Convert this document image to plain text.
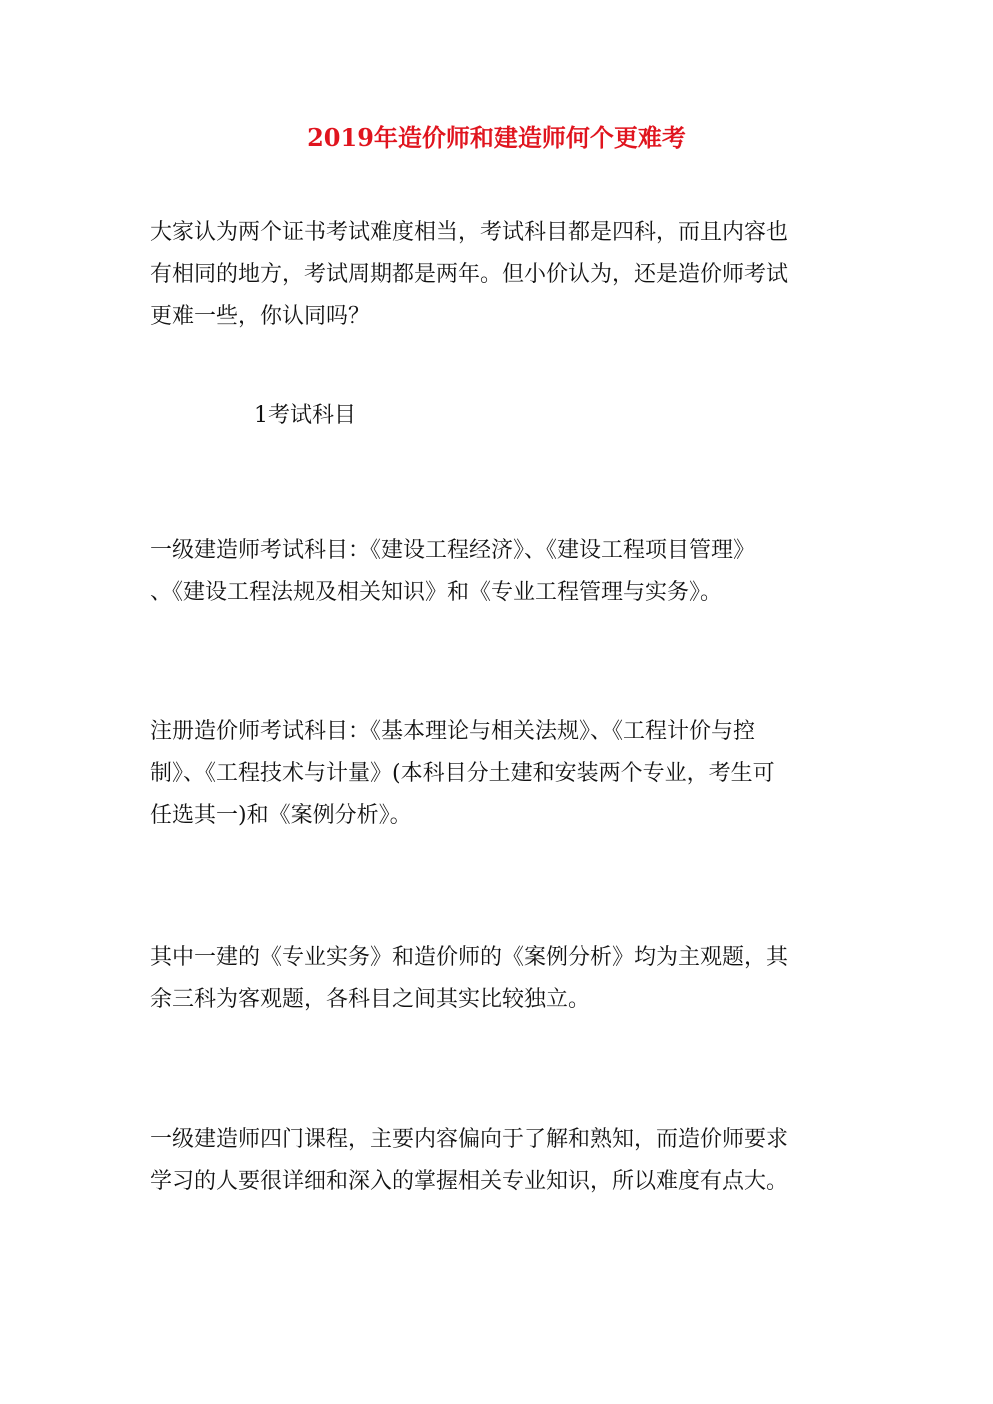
2019年造价师和建造师何个更难考

大家认为两个证书考试难度相当，考试科目都是四科，而且内容也
有相同的地方，考试周期都是两年。但小价认为，还是造价师考试
更难一些，你认同吗？

1考试科目

一级建造师考试科目：《建设工程经济》、《建设工程项目管理》
、《建设工程法规及相关知识》和《专业工程管理与实务》。

注册造价师考试科目：《基本理论与相关法规》、《工程计价与控
制》、《工程技术与计量》(本科目分土建和安装两个专业，考生可
任选其一)和《案例分析》。

其中一建的《专业实务》和造价师的《案例分析》均为主观题，其
余三科为客观题，各科目之间其实比较独立。

一级建造师四门课程，主要内容偏向于了解和熟知，而造价师要求
学习的人要很详细和深入的掌握相关专业知识，所以难度有点大。
